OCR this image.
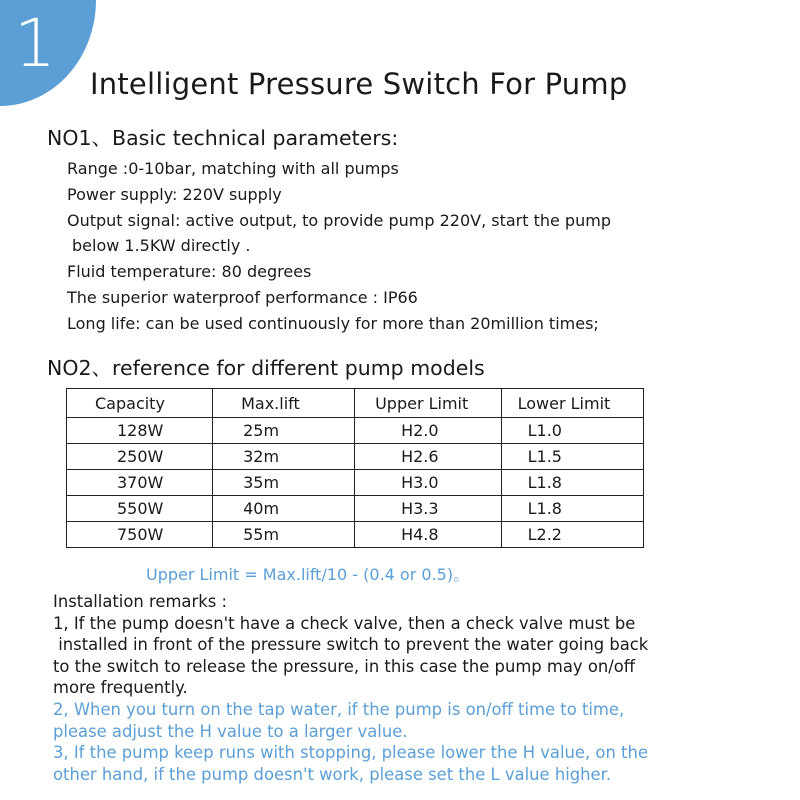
1
Intelligent Pressure Switch For Pump
NO1、Basic technical parameters:
Range :0-10bar, matching with all pumps
Power supply: 220V supply
Output signal: active output, to provide pump 220V, start the pump
below 1.5KW directly .
Fluid temperature: 80 degrees
The superior waterproof performance : IP66
Long life: can be used continuously for more than 20million times;
NO2、reference for different pump models
Capacity	Max.lift	Upper Limit	Lower Limit
128W	25m	H2.0	L1.0
250W	32m	H2.6	L1.5
370W	35m	H3.0	L1.8
550W	40m	H3.3	L1.8
750W	55m	H4.8	L2.2
Upper Limit = Max.lift/10 - (0.4 or 0.5)。
Installation remarks :
1, If the pump doesn't have a check valve, then a check valve must be
installed in front of the pressure switch to prevent the water going back
to the switch to release the pressure, in this case the pump may on/off
more frequently.
2, When you turn on the tap water, if the pump is on/off time to time,
please adjust the H value to a larger value.
3, If the pump keep runs with stopping, please lower the H value, on the
other hand, if the pump doesn't work, please set the L value higher.
